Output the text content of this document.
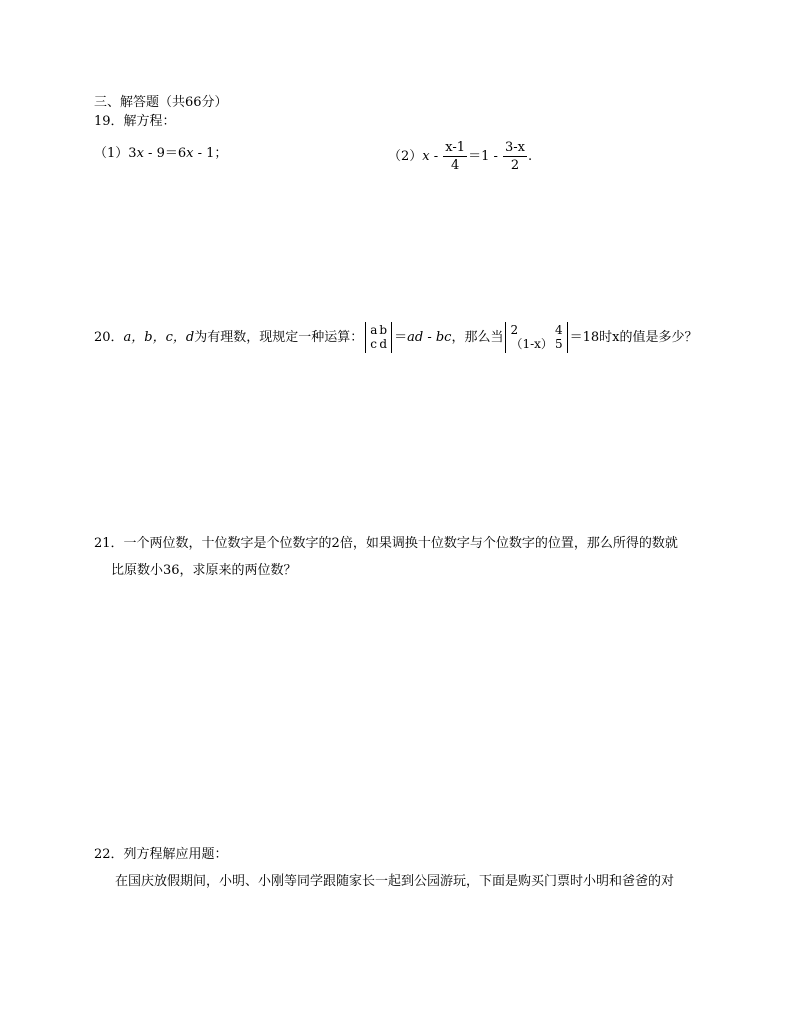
三、解答题（共66分）
19．解方程：
（1）3x - 9＝6x - 1；	$(2)x - \frac{x-1}{4} =1 - \frac{3-x}{2}$ .
20．a，b，c，d为有理数，现规定一种运算： a	b
c	d ＝ad - bc，那么当 2	4
（1-x）	5 ＝18时x的值是多少？
21．一个两位数，十位数字是个位数字的2倍，如果调换十位数字与个位数字的位置，那么所得的数就
比原数小36，求原来的两位数？
22．列方程解应用题：
在国庆放假期间，小明、小刚等同学跟随家长一起到公园游玩，下面是购买门票时小明和爸爸的对
